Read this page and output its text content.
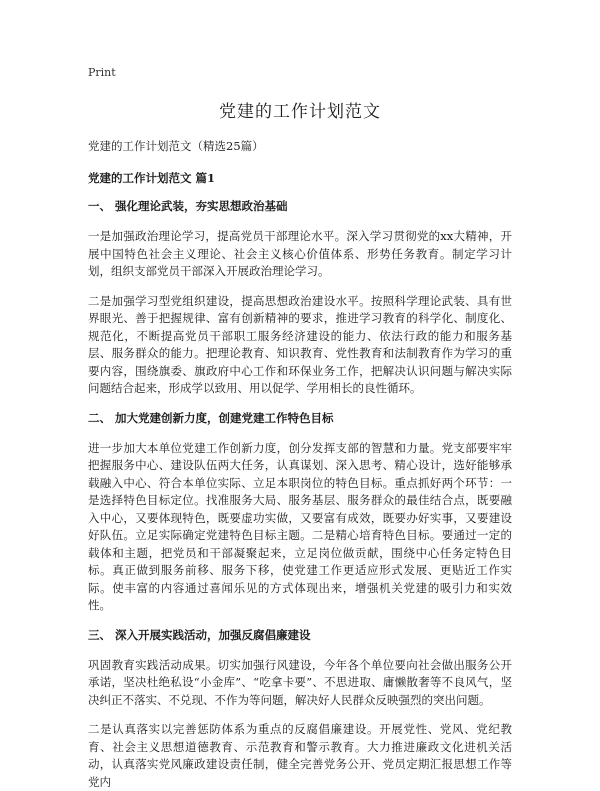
Print
党建的工作计划范文

党建的工作计划范文（精选25篇）

党建的工作计划范文 篇1

一、 强化理论武装，夯实思想政治基础

一是加强政治理论学习，提高党员干部理论水平。深入学习贯彻党的xx大精神，开展中国特色社会主义理论、社会主义核心价值体系、形势任务教育。制定学习计划，组织支部党员干部深入开展政治理论学习。

二是加强学习型党组织建设，提高思想政治建设水平。按照科学理论武装、具有世界眼光、善于把握规律、富有创新精神的要求，推进学习教育的科学化、制度化、规范化，不断提高党员干部职工服务经济建设的能力、依法行政的能力和服务基层、服务群众的能力。把理论教育、知识教育、党性教育和法制教育作为学习的重要内容，围绕旗委、旗政府中心工作和环保业务工作，把解决认识问题与解决实际问题结合起来，形成学以致用、用以促学、学用相长的良性循环。

二、 加大党建创新力度，创建党建工作特色目标

进一步加大本单位党建工作创新力度，创分发挥支部的智慧和力量。党支部要牢牢把握服务中心、建设队伍两大任务，认真谋划、深入思考、精心设计，选好能够承载融入中心、符合本单位实际、立足本职岗位的特色目标。重点抓好两个环节：一是选择特色目标定位。找准服务大局、服务基层、服务群众的最佳结合点，既要融入中心，又要体现特色，既要虚功实做，又要富有成效，既要办好实事，又要建设好队伍。立足实际确定党建特色目标主题。二是精心培育特色目标。要通过一定的载体和主题，把党员和干部凝聚起来，立足岗位做贡献，围绕中心任务定特色目标。真正做到服务前移、服务下移，使党建工作更适应形式发展、更贴近工作实际。使丰富的内容通过喜闻乐见的方式体现出来，增强机关党建的吸引力和实效性。

三、 深入开展实践活动，加强反腐倡廉建设

巩固教育实践活动成果。切实加强行风建设，今年各个单位要向社会做出服务公开承诺，坚决杜绝私设“小金库”、“吃拿卡要”、不思进取、庸懒散奢等不良风气，坚决纠正不落实、不兑现、不作为等问题，解决好人民群众反映强烈的突出问题。

二是认真落实以完善惩防体系为重点的反腐倡廉建设。开展党性、党风、党纪教育、社会主义思想道德教育、示范教育和警示教育。大力推进廉政文化进机关活动，认真落实党风廉政建设责任制，健全完善党务公开、党员定期汇报思想工作等党内
